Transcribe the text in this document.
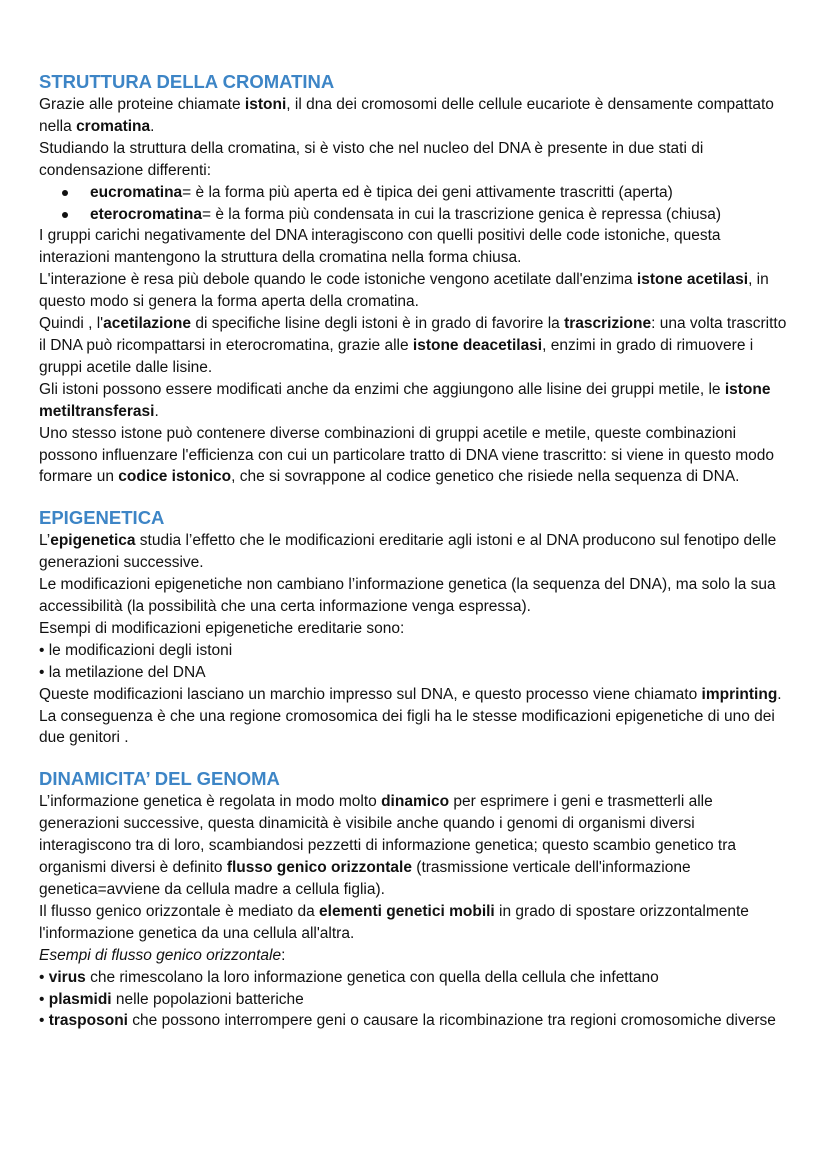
STRUTTURA DELLA CROMATINA

Grazie alle proteine chiamate istoni, il dna dei cromosomi delle cellule eucariote è densamente compattato nella cromatina.

Studiando la struttura della cromatina, si è visto che nel nucleo del DNA è presente in due stati di condensazione differenti:

eucromatina= è la forma più aperta ed è tipica dei geni attivamente trascritti (aperta)
eterocromatina= è la forma più condensata in cui la trascrizione genica è repressa (chiusa)

I gruppi carichi negativamente del DNA interagiscono con quelli positivi delle code istoniche, questa interazioni mantengono la struttura della cromatina nella forma chiusa.

L'interazione è resa più debole quando le code istoniche vengono acetilate dall'enzima istone acetilasi, in questo modo si genera la forma aperta della cromatina.

Quindi , l'acetilazione di specifiche lisine degli istoni è in grado di favorire la trascrizione: una volta trascritto il DNA può ricompattarsi in eterocromatina, grazie alle istone deacetilasi, enzimi in grado di rimuovere i gruppi acetile dalle lisine.

Gli istoni possono essere modificati anche da enzimi che aggiungono alle lisine dei gruppi metile, le istone metiltransferasi.

Uno stesso istone può contenere diverse combinazioni di gruppi acetile e metile, queste combinazioni possono influenzare l'efficienza con cui un particolare tratto di DNA viene trascritto: si viene in questo modo formare un codice istonico, che si sovrappone al codice genetico che risiede nella sequenza di DNA.

EPIGENETICA

L’epigenetica studia l’effetto che le modificazioni ereditarie agli istoni e al DNA producono sul fenotipo delle generazioni successive.

Le modificazioni epigenetiche non cambiano l’informazione genetica (la sequenza del DNA), ma solo la sua accessibilità (la possibilità che una certa informazione venga espressa).

Esempi di modificazioni epigenetiche ereditarie sono:

• le modificazioni degli istoni
• la metilazione del DNA

Queste modificazioni lasciano un marchio impresso sul DNA, e questo processo viene chiamato imprinting.

La conseguenza è che una regione cromosomica dei figli ha le stesse modificazioni epigenetiche di uno dei due genitori .

DINAMICITA’ DEL GENOMA

L’informazione genetica è regolata in modo molto dinamico per esprimere i geni e trasmetterli alle generazioni successive, questa dinamicità è visibile anche quando i genomi di organismi diversi interagiscono tra di loro, scambiandosi pezzetti di informazione genetica; questo scambio genetico tra organismi diversi è definito flusso genico orizzontale (trasmissione verticale dell'informazione genetica=avviene da cellula madre a cellula figlia).

Il flusso genico orizzontale è mediato da elementi genetici mobili in grado di spostare orizzontalmente l'informazione genetica da una cellula all'altra.

Esempi di flusso genico orizzontale:

• virus che rimescolano la loro informazione genetica con quella della cellula che infettano
• plasmidi nelle popolazioni batteriche
• trasposoni che possono interrompere geni o causare la ricombinazione tra regioni cromosomiche diverse
